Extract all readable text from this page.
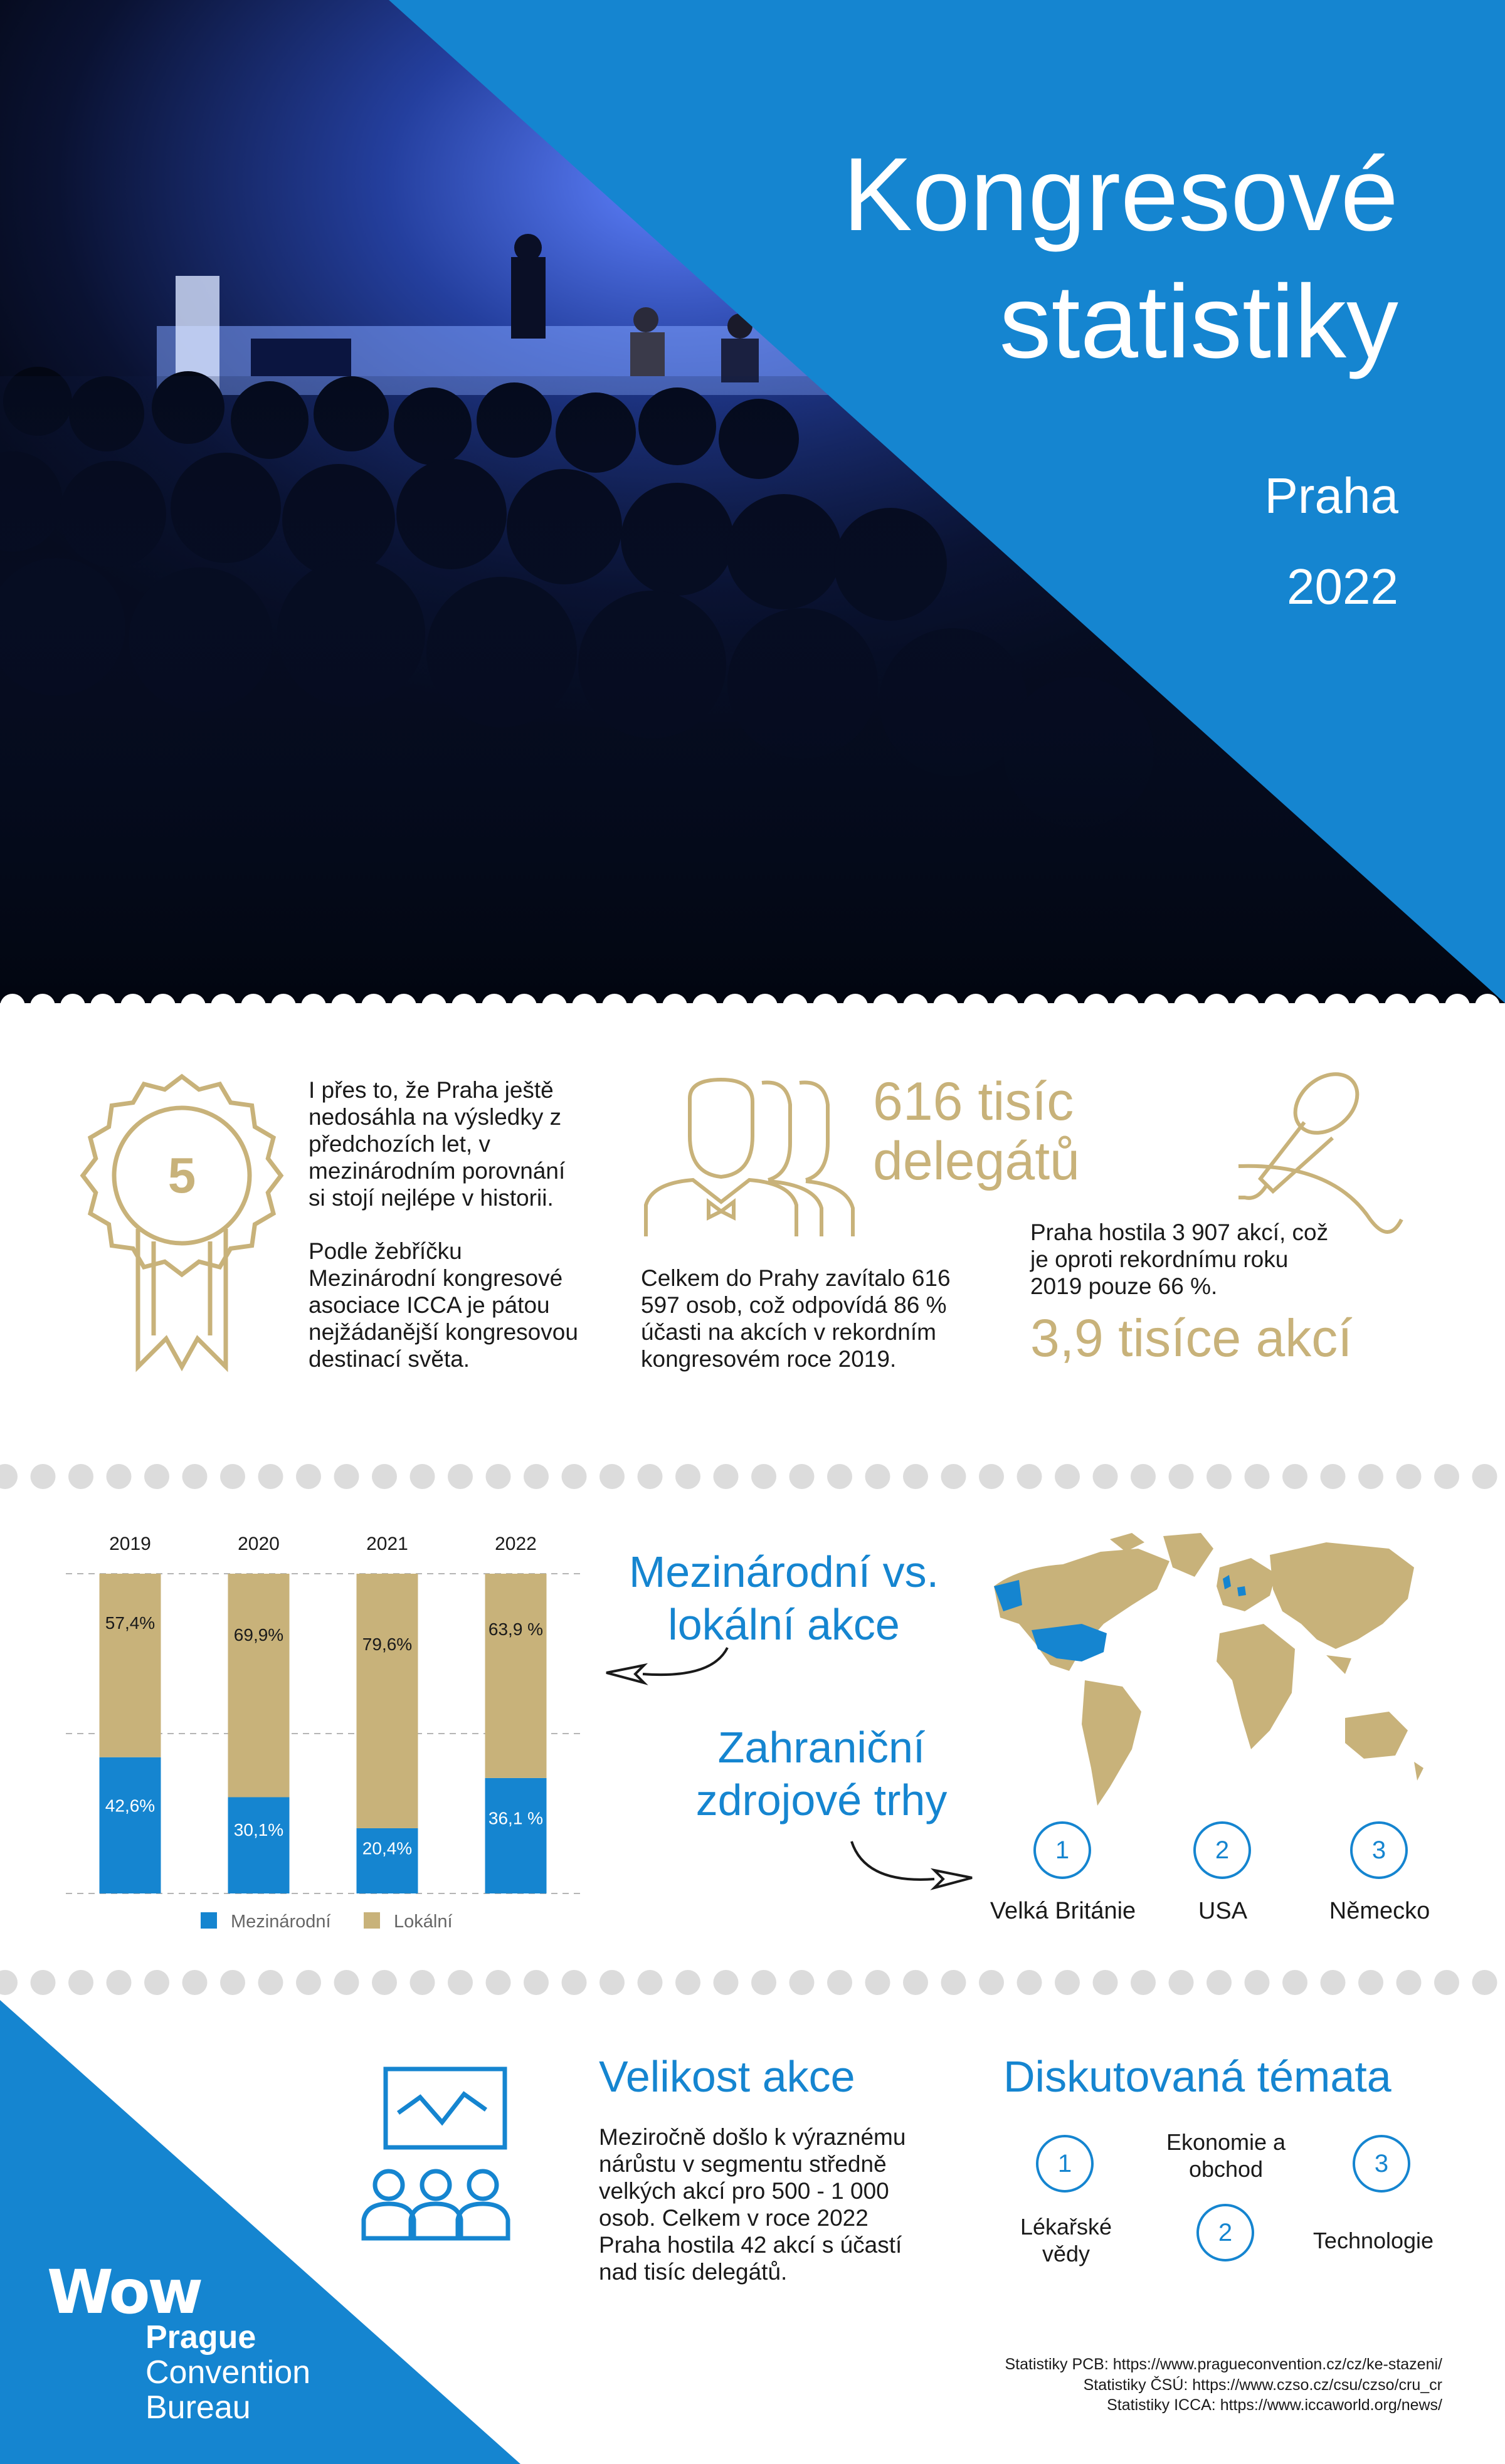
Kongresové
statistiky
Praha
2022
5
I přes to, že Praha ještě nedosáhla na výsledky z předchozích let, v mezinárodním porovnání si stojí nejlépe v historii.
Podle žebříčku Mezinárodní kongresové asociace ICCA je pátou nejžádanější kongresovou destinací světa.
616 tisíc
delegátů
Celkem do Prahy zavítalo 616 597 osob, což odpovídá 86 % účasti na akcích v rekordním kongresovém roce 2019.
Praha hostila 3 907 akcí, což je oproti rekordnímu roku 2019 pouze 66 %.
3,9 tisíce akcí
2019
42,6%
57,4%
2020
30,1%
69,9%
2021
20,4%
79,6%
2022
36,1 %
63,9 %
Mezinárodní	Lokální
Mezinárodní vs.
lokální akce
Zahraniční
zdrojové trhy
1	2	3
Velká Británie	USA	Německo
Velikost akce
Meziročně došlo k výraznému nárůstu v segmentu středně velkých akcí pro 500 - 1 000 osob. Celkem v roce 2022 Praha hostila 42 akcí s účastí nad tisíc delegátů.
Diskutovaná témata
1
2
3
Lékařské vědy
Ekonomie a obchod
Technologie
Statistiky PCB: https://www.pragueconvention.cz/cz/ke-stazeni/
Statistiky ČSÚ: https://www.czso.cz/csu/czso/cru_cr
Statistiky ICCA: https://www.iccaworld.org/news/
Wow
Prague
Convention
Bureau
